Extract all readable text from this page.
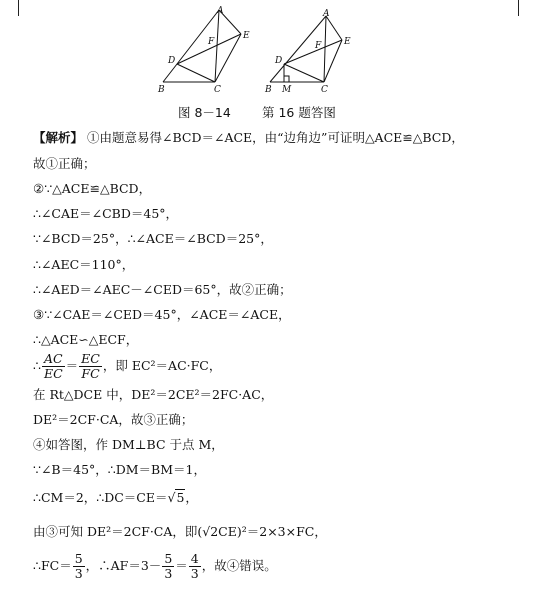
A
B	C
D
E
F
A
B	C
D
E
F
M
图 8－14 第 16 题答图
【解析】 ①由题意易得∠BCD＝∠ACE，由“边角边”可证明△ACE≌△BCD，
故①正确；
②∵△ACE≌△BCD，
∴∠CAE＝∠CBD＝45°，
∵∠BCD＝25°，∴∠ACE＝∠BCD＝25°，
∴∠AEC＝110°，
∴∠AED＝∠AEC－∠CED＝65°，故②正确；
③∵∠CAE＝∠CED＝45°，∠ACE＝∠ACE，
∴△ACE∽△ECF，
∴ $\frac{AC}{EC} = \frac{EC}{FC}$ ，即 EC²＝AC·FC，
在 Rt△DCE 中，DE²＝2CE²＝2FC·AC，
DE²＝2CF·CA，故③正确；
④如答图，作 DM⊥BC 于点 M，
∵∠B＝45°，∴DM＝BM＝1，
∴CM＝2，∴DC＝CE＝√5，
由③可知 DE²＝2CF·CA，即(√2CE)²＝2×3×FC，
∴FC＝ $\frac{5}{3}$ ，∴AF＝3－ $\frac{5}{3} = \frac{4}{3}$ ，故④错误。
